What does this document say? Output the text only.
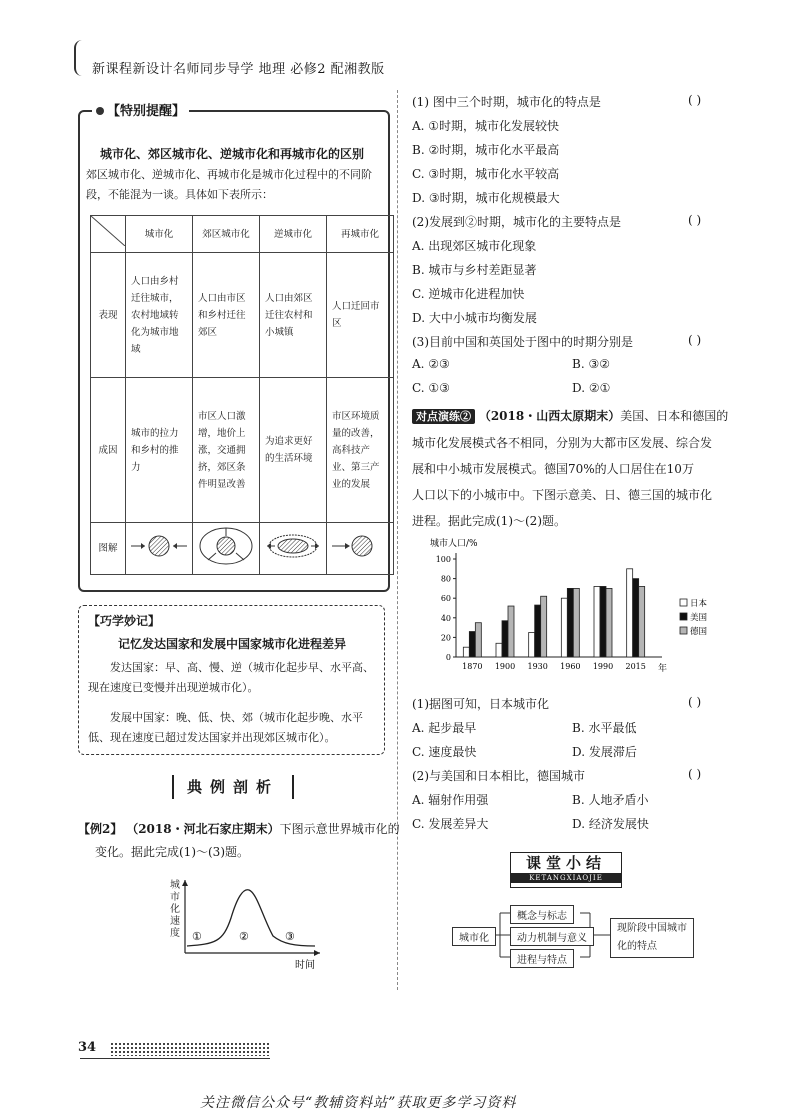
新课程新设计名师同步导学 地理 必修2 配湘教版
【特别提醒】
城市化、郊区城市化、逆城市化和再城市化的区别
郊区城市化、逆城市化、再城市化是城市化过程中的不同阶段，不能混为一谈。具体如下表所示：
	城市化	郊区城市化	逆城市化	再城市化
表现	人口由乡村迁往城市，农村地域转化为城市地域	人口由市区和乡村迁往郊区	人口由郊区迁往农村和小城镇	人口迁回市区
成因	城市的拉力和乡村的推力	市区人口激增，地价上涨，交通拥挤，郊区条件明显改善	为追求更好的生活环境	市区环境质量的改善，高科技产业、第三产业的发展
图解				
【巧学妙记】
记忆发达国家和发展中国家城市化进程差异
发达国家：早、高、慢、逆（城市化起步早、水平高、现在速度已变慢并出现逆城市化）。
发展中国家：晚、低、快、郊（城市化起步晚、水平低、现在速度已超过发达国家并出现郊区城市化）。
典例剖析
【例2】 （2018・河北石家庄期末）下图示意世界城市化的
变化。据此完成(1)～(3)题。
①	②	③
时间
城市化速度
(1) 图中三个时期，城市化的特点是	( )
A. ①时期，城市化发展较快
B. ②时期，城市化水平最高
C. ③时期，城市化水平较高
D. ③时期，城市化规模最大
(2)发展到②时期，城市化的主要特点是	( )
A. 出现郊区城市化现象
B. 城市与乡村差距显著
C. 逆城市化进程加快
D. 大中小城市均衡发展
(3)目前中国和英国处于图中的时期分别是	( )
A. ②③	B. ③②
C. ①③	D. ②①
对点演练② （2018・山西太原期末）美国、日本和德国的
城市化发展模式各不相同，分别为大都市区发展、综合发
展和中小城市发展模式。德国70%的人口居住在10万
人口以下的小城市中。下图示意美、日、德三国的城市化
进程。据此完成(1)～(2)题。
城市人口/%
0
20
40
60
80
100
1870 1900 1930 1960 1990 2015 年
日本
美国
德国
(1)据图可知，日本城市化	( )
A. 起步最早	B. 水平最低
C. 速度最快	D. 发展滞后
(2)与美国和日本相比，德国城市	( )
A. 辐射作用强	B. 人地矛盾小
C. 发展差异大	D. 经济发展快
课堂小结
KETANGXIAOJIE
城市化
概念与标志
动力机制与意义
进程与特点
现阶段中国城市化的特点
34
关注微信公众号“教辅资料站”获取更多学习资料
